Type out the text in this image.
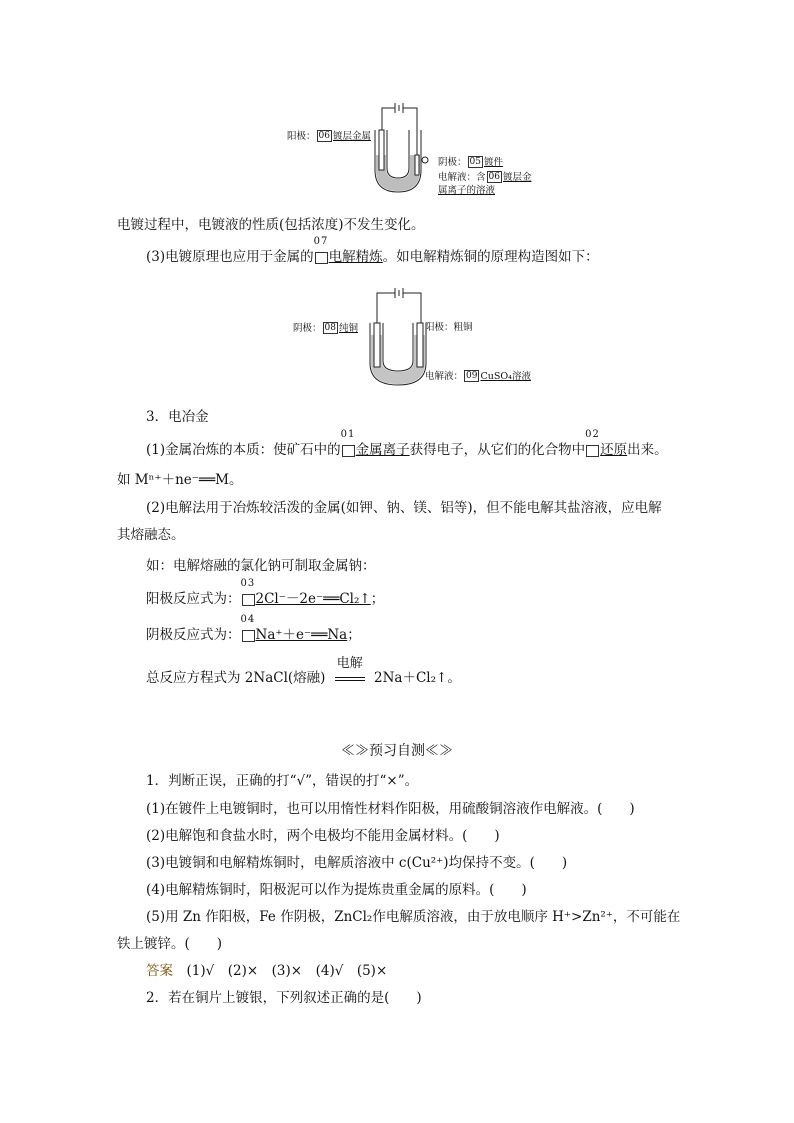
阳极： 06 镀层金属
阴极： 05 镀件
电解液：含 06 镀层金
属离子的溶液
电镀过程中，电镀液的性质(包括浓度)不发生变化。
(3)电镀原理也应用于金属的
07
　电解精炼。如电解精炼铜的原理构造图如下：
阴极： 08 纯铜	阳极：粗铜
电解液： 09 CuSO₄溶液
3．电冶金
(1)金属冶炼的本质：使矿石中的
01
　金属离子获得电子，从它们的化合物中
02
　还原出来。
如 Mⁿ⁺＋ne⁻══M。
(2)电解法用于冶炼较活泼的金属(如钾、钠、镁、铝等)，但不能电解其盐溶液，应电解
其熔融态。
如：电解熔融的氯化钠可制取金属钠：
阳极反应式为：
03
　2Cl⁻－2e⁻══Cl₂↑；
阴极反应式为：
04
　Na⁺＋e⁻══Na；
总反应方程式为 2NaCl(熔融)
电解
2Na＋Cl₂↑。
≪≫预习自测≪≫
1．判断正误，正确的打“√”，错误的打“×”。
(1)在镀件上电镀铜时，也可以用惰性材料作阳极，用硫酸铜溶液作电解液。(　　)
(2)电解饱和食盐水时，两个电极均不能用金属材料。(　　)
(3)电镀铜和电解精炼铜时，电解质溶液中 c(Cu²⁺)均保持不变。(　　)
(4)电解精炼铜时，阳极泥可以作为提炼贵重金属的原料。(　　)
(5)用 Zn 作阳极，Fe 作阴极，ZnCl₂作电解质溶液，由于放电顺序 H⁺>Zn²⁺，不可能在
铁上镀锌。(　　)
答案　 (1)√　(2)×　(3)×　(4)√　(5)×
2．若在铜片上镀银，下列叙述正确的是(　　)
